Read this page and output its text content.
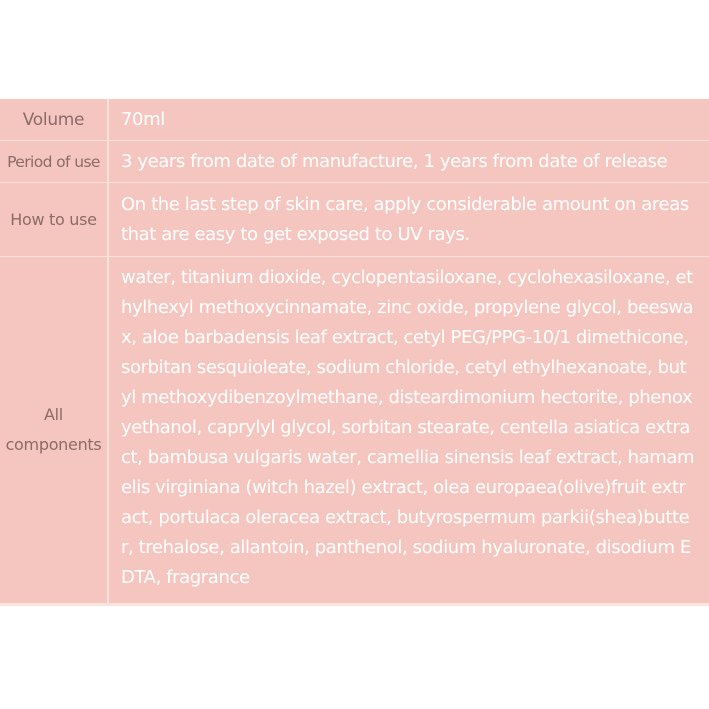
Volume	70ml
Period of use	3 years from date of manufacture, 1 years from date of release
How to use
On the last step of skin care, apply considerable amount on areas that are easy to get exposed to UV rays.
All
components
water, titanium dioxide, cyclopentasiloxane, cyclohexasiloxane, ethylhexyl methoxycinnamate, zinc oxide, propylene glycol, beeswax, aloe barbadensis leaf extract, cetyl PEG/PPG-10/1 dimethicone, sorbitan sesquioleate, sodium chloride, cetyl ethylhexanoate, butyl methoxydibenzoylmethane, disteardimonium hectorite, phenoxyethanol, caprylyl glycol, sorbitan stearate, centella asiatica extract, bambusa vulgaris water, camellia sinensis leaf extract, hamamelis virginiana (witch hazel) extract, olea europaea(olive)fruit extract, portulaca oleracea extract, butyrospermum parkii(shea)butter, trehalose, allantoin, panthenol, sodium hyaluronate, disodium EDTA, fragrance
